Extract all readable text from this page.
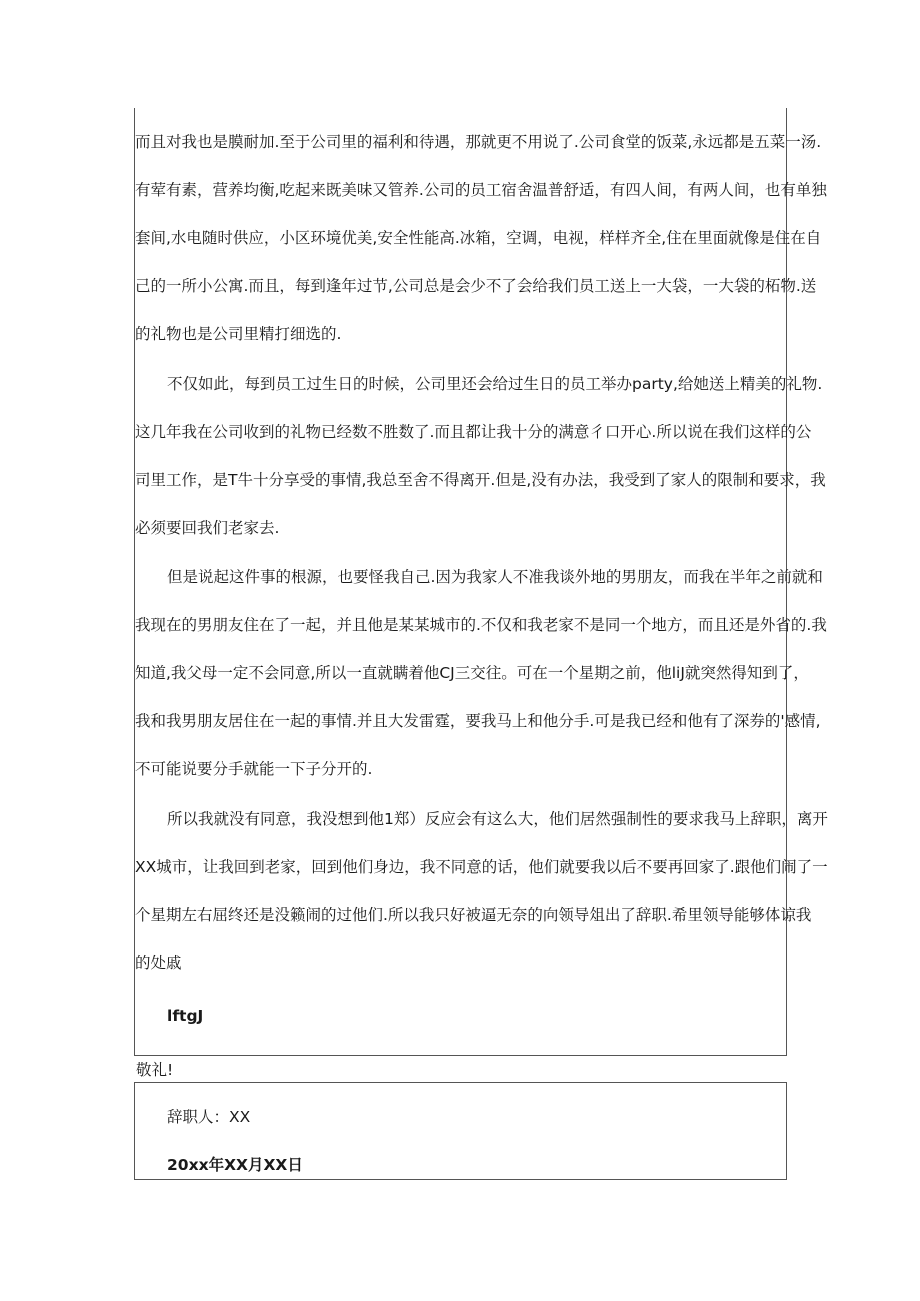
而且对我也是膜耐加.至于公司里的福利和待遇，那就更不用说了.公司食堂的饭菜,永远都是五菜一汤.
有荤有素，营养均衡,吃起来既美味又管养.公司的员工宿舍温普舒适，有四人间，有两人间，也有单独
套间,水电随时供应，小区环境优美,安全性能高.冰箱，空调，电视，样样齐全,住在里面就像是住在自
己的一所小公寓.而且，每到逢年过节,公司总是会少不了会给我们员工送上一大袋，一大袋的柘物.送
的礼物也是公司里精打细选的.
不仅如此，每到员工过生日的时候，公司里还会给过生日的员工举办party,给她送上精美的礼物.
这几年我在公司收到的礼物已经数不胜数了.而且都让我十分的满意彳口开心.所以说在我们这样的公
司里工作，是T牛十分享受的事情,我总至舍不得离开.但是,没有办法，我受到了家人的限制和要求，我
必须要回我们老家去.
但是说起这件事的根源，也要怪我自己.因为我家人不准我谈外地的男朋友，而我在半年之前就和
我现在的男朋友住在了一起，并且他是某某城市的.不仅和我老家不是同一个地方，而且还是外省的.我
知道,我父母一定不会同意,所以一直就瞒着他CJ三交往。可在一个星期之前，他liJ就突然得知到了，
我和我男朋友居住在一起的事情.并且大发雷霆，要我马上和他分手.可是我已经和他有了深券的'感情,
不可能说要分手就能一下子分开的.
所以我就没有同意，我没想到他1郑）反应会有这么大，他们居然强制性的要求我马上辞职，离开
XX城市，让我回到老家，回到他们身边，我不同意的话，他们就要我以后不要再回家了.跟他们闹了一
个星期左右屈终还是没籁闹的过他们.所以我只好被逼无奈的向领导俎出了辞职.希里领导能够体谅我
的处戚
lftgJ
敬礼!
辞职人：XX
20xx年XX月XX日
